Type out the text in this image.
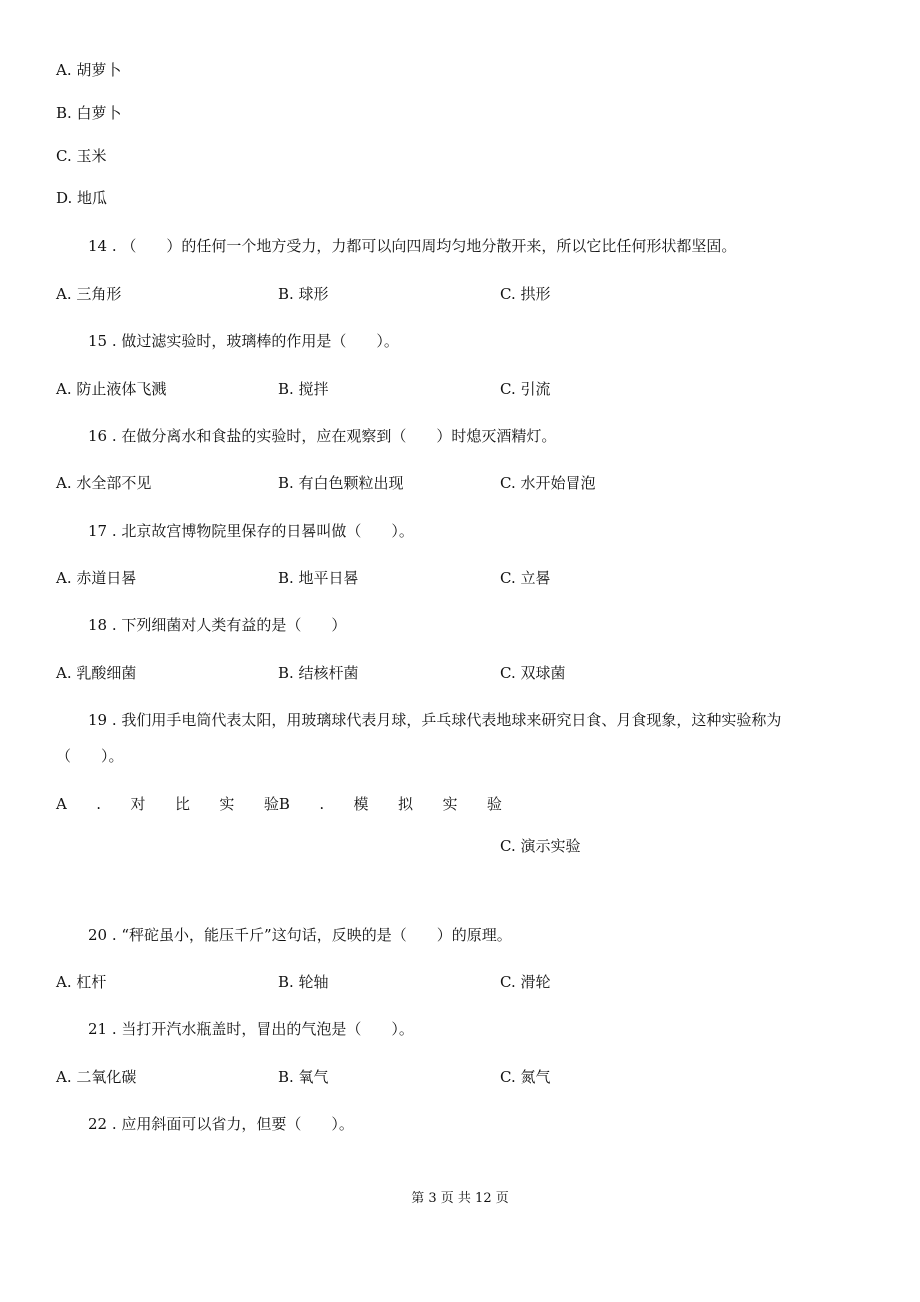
A. 胡萝卜
B. 白萝卜
C. 玉米
D. 地瓜
14 . （　　）的任何一个地方受力，力都可以向四周均匀地分散开来，所以它比任何形状都坚固。
A. 三角形	B. 球形	C. 拱形
15 . 做过滤实验时，玻璃棒的作用是（　　）。
A. 防止液体飞溅	B. 搅拌	C. 引流
16 . 在做分离水和食盐的实验时，应在观察到（　　）时熄灭酒精灯。
A. 水全部不见	B. 有白色颗粒出现	C. 水开始冒泡
17 . 北京故宫博物院里保存的日晷叫做（　　）。
A. 赤道日晷	B. 地平日晷	C. 立晷
18 . 下列细菌对人类有益的是（　　）
A. 乳酸细菌	B. 结核杆菌	C. 双球菌
19 . 我们用手电筒代表太阳，用玻璃球代表月球，乒乓球代表地球来研究日食、月食现象，这种实验称为
（　　）。
A . 对 比 实 验B . 模 拟 实 验
C. 演示实验
20 . “秤砣虽小，能压千斤”这句话，反映的是（　　）的原理。
A. 杠杆	B. 轮轴	C. 滑轮
21 . 当打开汽水瓶盖时，冒出的气泡是（　　）。
A. 二氧化碳	B. 氧气	C. 氮气
22 . 应用斜面可以省力，但要（　　）。
第 3 页 共 12 页
